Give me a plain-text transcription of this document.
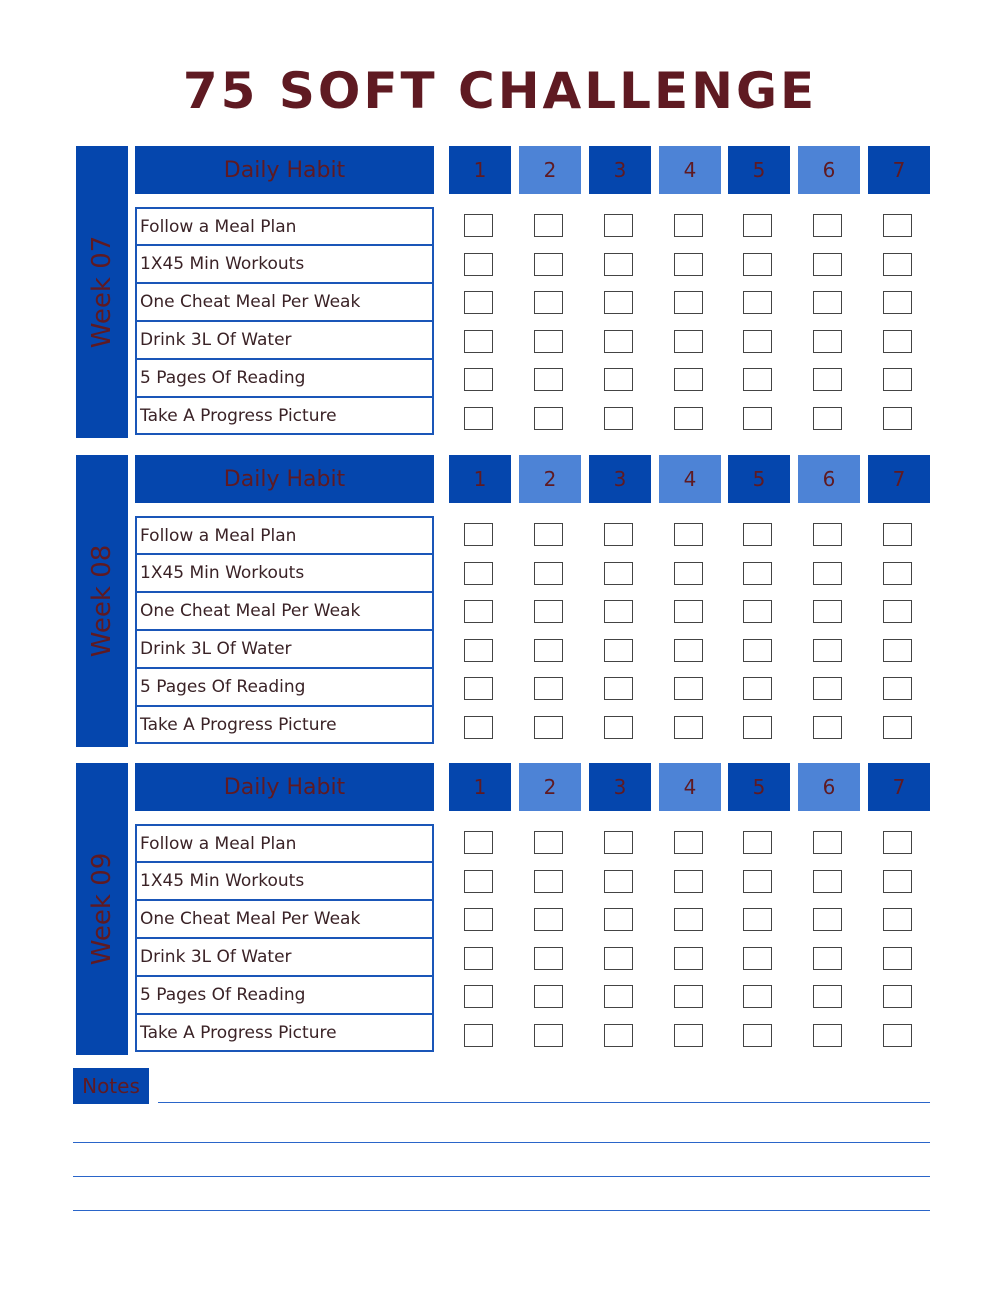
75 SOFT CHALLENGE
Week 07
Daily Habit	1	2	3	4	5	6	7
Follow a Meal Plan
1X45 Min Workouts
One Cheat Meal Per Weak
Drink 3L Of Water
5 Pages Of Reading
Take A Progress Picture
Week 08
Daily Habit	1	2	3	4	5	6	7
Follow a Meal Plan
1X45 Min Workouts
One Cheat Meal Per Weak
Drink 3L Of Water
5 Pages Of Reading
Take A Progress Picture
Week 09
Daily Habit	1	2	3	4	5	6	7
Follow a Meal Plan
1X45 Min Workouts
One Cheat Meal Per Weak
Drink 3L Of Water
5 Pages Of Reading
Take A Progress Picture
Notes
